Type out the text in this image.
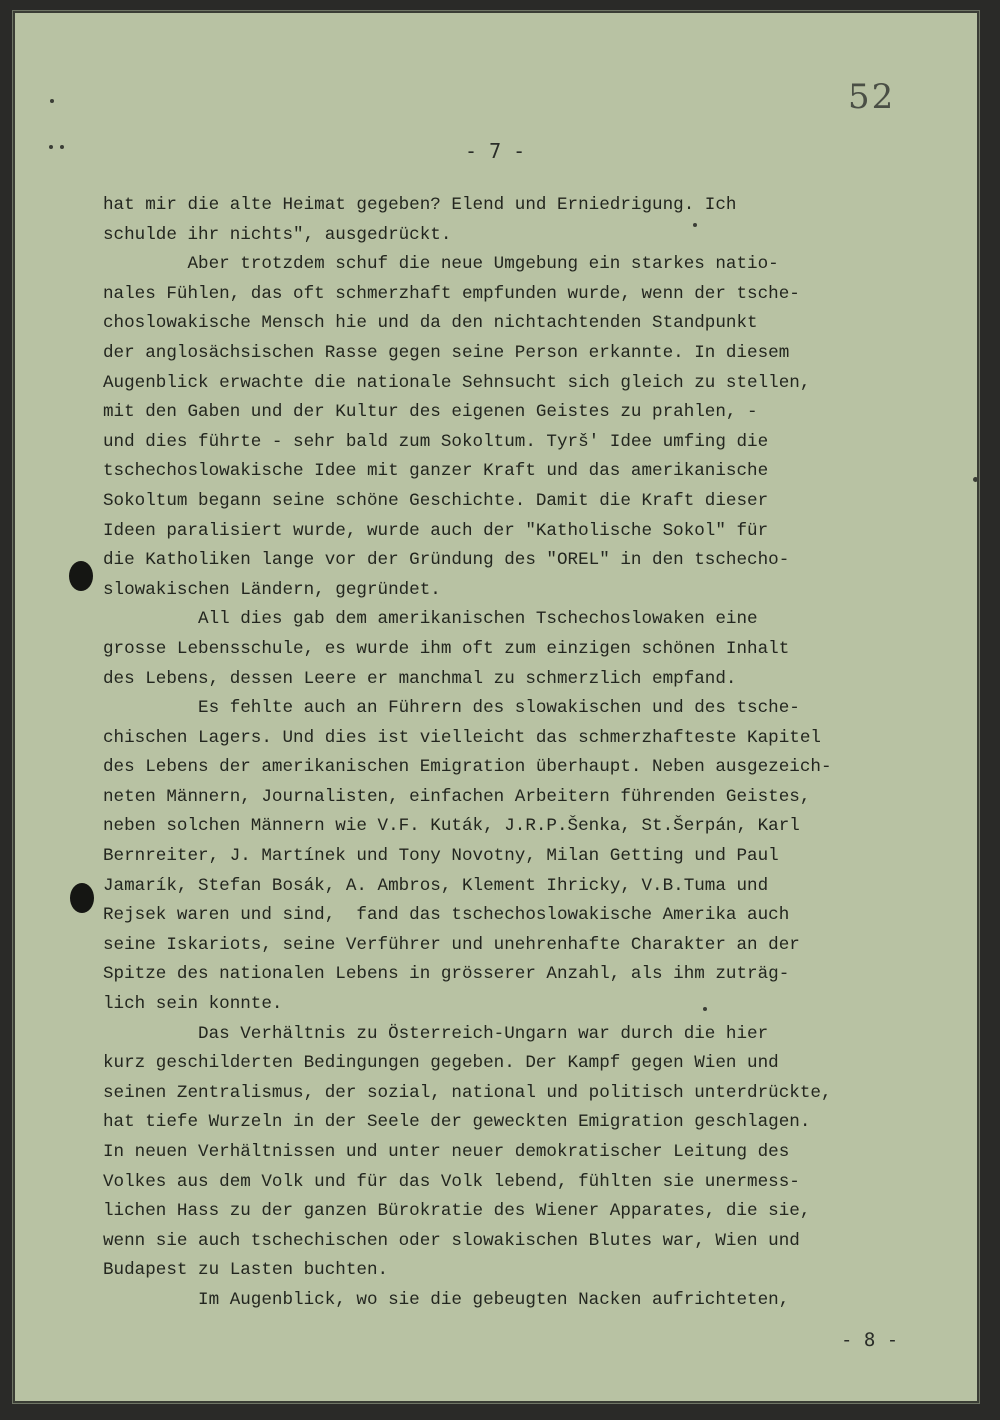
52
- 7 -
hat mir die alte Heimat gegeben? Elend und Erniedrigung. Ich
schulde ihr nichts", ausgedrückt.
Aber trotzdem schuf die neue Umgebung ein starkes natio-
nales Fühlen, das oft schmerzhaft empfunden wurde, wenn der tsche-
choslowakische Mensch hie und da den nichtachtenden Standpunkt
der anglosächsischen Rasse gegen seine Person erkannte. In diesem
Augenblick erwachte die nationale Sehnsucht sich gleich zu stellen,
mit den Gaben und der Kultur des eigenen Geistes zu prahlen, -
und dies führte - sehr bald zum Sokoltum. Tyrš' Idee umfing die
tschechoslowakische Idee mit ganzer Kraft und das amerikanische
Sokoltum begann seine schöne Geschichte. Damit die Kraft dieser
Ideen paralisiert wurde, wurde auch der "Katholische Sokol" für
die Katholiken lange vor der Gründung des "OREL" in den tschecho-
slowakischen Ländern, gegründet.
All dies gab dem amerikanischen Tschechoslowaken eine
grosse Lebensschule, es wurde ihm oft zum einzigen schönen Inhalt
des Lebens, dessen Leere er manchmal zu schmerzlich empfand.
Es fehlte auch an Führern des slowakischen und des tsche-
chischen Lagers. Und dies ist vielleicht das schmerzhafteste Kapitel
des Lebens der amerikanischen Emigration überhaupt. Neben ausgezeich-
neten Männern, Journalisten, einfachen Arbeitern führenden Geistes,
neben solchen Männern wie V.F. Kuták, J.R.P.Šenka, St.Šerpán, Karl
Bernreiter, J. Martínek und Tony Novotny, Milan Getting und Paul
Jamarík, Stefan Bosák, A. Ambros, Klement Ihricky, V.B.Tuma und
Rejsek waren und sind,  fand das tschechoslowakische Amerika auch
seine Iskariots, seine Verführer und unehrenhafte Charakter an der
Spitze des nationalen Lebens in grösserer Anzahl, als ihm zuträg-
lich sein konnte.
Das Verhältnis zu Österreich-Ungarn war durch die hier
kurz geschilderten Bedingungen gegeben. Der Kampf gegen Wien und
seinen Zentralismus, der sozial, national und politisch unterdrückte,
hat tiefe Wurzeln in der Seele der geweckten Emigration geschlagen.
In neuen Verhältnissen und unter neuer demokratischer Leitung des
Volkes aus dem Volk und für das Volk lebend, fühlten sie unermess-
lichen Hass zu der ganzen Bürokratie des Wiener Apparates, die sie,
wenn sie auch tschechischen oder slowakischen Blutes war, Wien und
Budapest zu Lasten buchten.
Im Augenblick, wo sie die gebeugten Nacken aufrichteten,
- 8 -
